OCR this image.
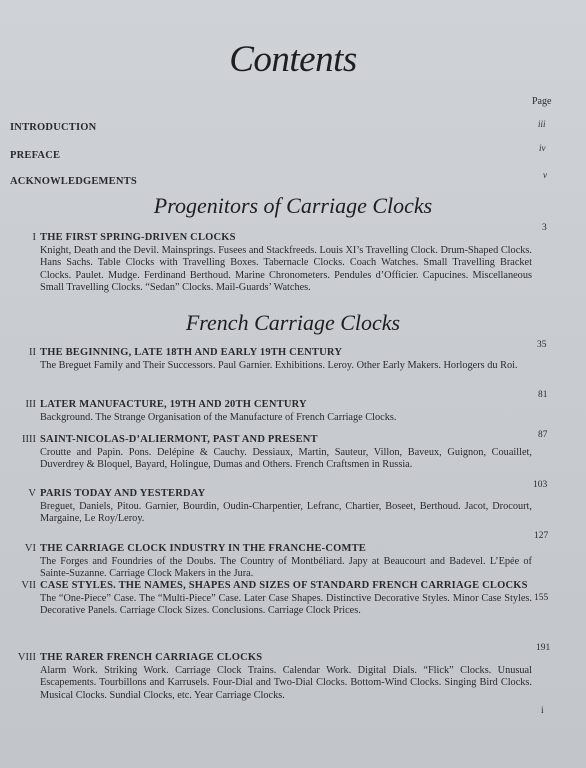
Contents
Page
INTRODUCTION	iii
PREFACE
iv
ACKNOWLEDGEMENTS
v
Progenitors of Carriage Clocks
I THE FIRST SPRING-DRIVEN CLOCKS
Knight, Death and the Devil. Mainsprings. Fusees and Stackfreeds. Louis XI’s Travelling Clock. Drum-Shaped Clocks. Hans Sachs. Table Clocks with Travelling Boxes. Tabernacle Clocks. Coach Watches. Small Travelling Bracket Clocks. Paulet. Mudge. Ferdinand Berthoud. Marine Chronometers. Pendules d’Officier. Capucines. Miscellaneous Small Travelling Clocks. “Sedan” Clocks. Mail-Guards’ Watches.
3
French Carriage Clocks
II THE BEGINNING, LATE 18TH AND EARLY 19TH CENTURY
The Breguet Family and Their Successors. Paul Garnier. Exhibitions. Leroy. Other Early Makers. Horlogers du Roi.
35
III LATER MANUFACTURE, 19TH AND 20TH CENTURY
Background. The Strange Organisation of the Manufacture of French Carriage Clocks.
81
IIII SAINT-NICOLAS-D’ALIERMONT, PAST AND PRESENT
Croutte and Papin. Pons. Delépine & Cauchy. Dessiaux, Martin, Sauteur, Villon, Baveux, Guignon, Couaillet, Duverdrey & Bloquel, Bayard, Holingue, Dumas and Others. French Craftsmen in Russia.
87
V PARIS TODAY AND YESTERDAY
Breguet, Daniels, Pitou. Garnier, Bourdin, Oudin-Charpentier, Lefranc, Chartier, Boseet, Berthoud. Jacot, Drocourt, Margaine, Le Roy/Leroy.
103
VI THE CARRIAGE CLOCK INDUSTRY IN THE FRANCHE-COMTE
The Forges and Foundries of the Doubs. The Country of Montbéliard. Japy at Beaucourt and Badevel. L’Epée of Sainte-Suzanne. Carriage Clock Makers in the Jura.
127
VII CASE STYLES. THE NAMES, SHAPES AND SIZES OF STANDARD FRENCH CARRIAGE CLOCKS
The “One-Piece” Case. The “Multi-Piece” Case. Later Case Shapes. Distinctive Decorative Styles. Minor Case Styles. Decorative Panels. Carriage Clock Sizes. Conclusions. Carriage Clock Prices.
155
VIII THE RARER FRENCH CARRIAGE CLOCKS
Alarm Work. Striking Work. Carriage Clock Trains. Calendar Work. Digital Dials. “Flick” Clocks. Unusual Escapements. Tourbillons and Karrusels. Four-Dial and Two-Dial Clocks. Bottom-Wind Clocks. Singing Bird Clocks. Musical Clocks. Sundial Clocks, etc. Year Carriage Clocks.
191
i
